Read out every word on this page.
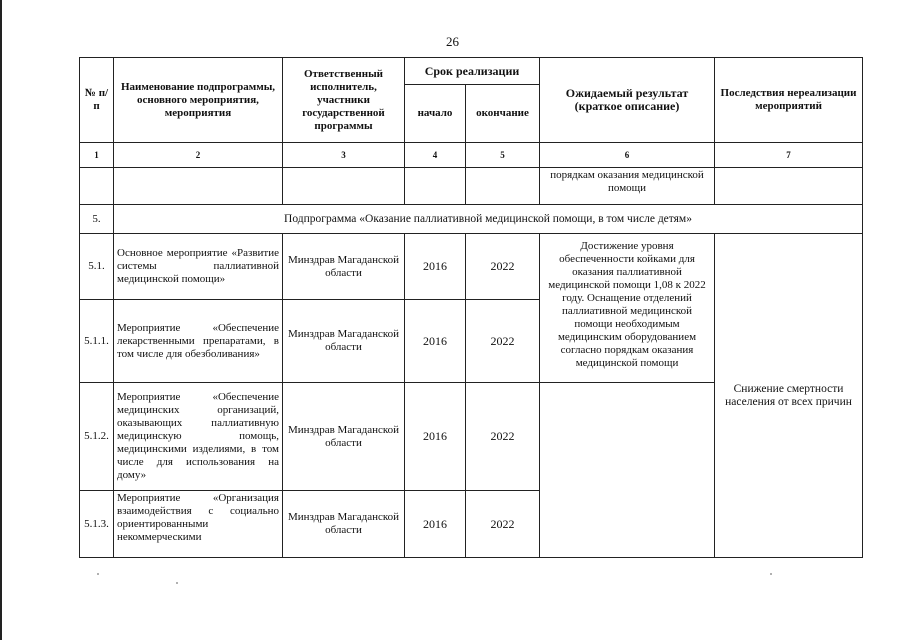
26
№ п/п	Наименование подпрограммы, основного мероприятия, мероприятия	Ответственный исполнитель, участники государственной программы	Срок реализации		Ожидаемый результат (краткое описание)	Последствия нереализации мероприятий
			начало	окончание		
1	2	3	4	5	6	7
					порядкам оказания медицинской помощи	
5.	Подпрограмма «Оказание паллиативной медицинской помощи, в том числе детям»					
5.1.	Основное мероприятие «Развитие системы паллиативной медицинской помощи»	Минздрав Магаданской области	2016	2022	Достижение уровня обеспеченности койками для оказания паллиативной медицинской помощи 1,08 к 2022 году. Оснащение отделений паллиативной медицинской помощи необходимым медицинским оборудованием согласно порядкам оказания медицинской помощи	Снижение смертности населения от всех причин
5.1.1.	Мероприятие «Обеспечение лекарственными препаратами, в том числе для обезболивания»	Минздрав Магаданской области	2016	2022		
5.1.2.	Мероприятие «Обеспечение медицинских организаций, оказывающих паллиативную медицинскую помощь, медицинскими изделиями, в том числе для использования на дому»	Минздрав Магаданской области	2016	2022		
5.1.3.	Мероприятие «Организация взаимодействия с социально ориентированными некоммерческими	Минздрав Магаданской области	2016	2022		
